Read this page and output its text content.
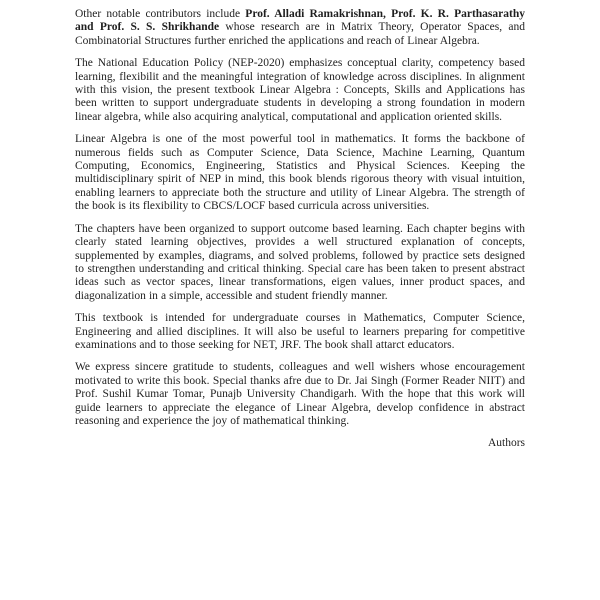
Other notable contributors include Prof. Alladi Ramakrishnan, Prof. K. R. Parthasarathy and Prof. S. S. Shrikhande whose research are in Matrix Theory, Operator Spaces, and Combinatorial Structures further enriched the applications and reach of Linear Algebra.

The National Education Policy (NEP-2020) emphasizes conceptual clarity, competency based learning, flexibilit and the meaningful integration of knowledge across disciplines. In alignment with this vision, the present textbook Linear Algebra : Concepts, Skills and Applications has been written to support undergraduate students in developing a strong foundation in modern linear algebra, while also acquiring analytical, computational and application oriented skills.

Linear Algebra is one of the most powerful tool in mathematics. It forms the backbone of numerous fields such as Computer Science, Data Science, Machine Learning, Quantum Computing, Economics, Engineering, Statistics and Physical Sciences. Keeping the multidisciplinary spirit of NEP in mind, this book blends rigorous theory with visual intuition, enabling learners to appreciate both the structure and utility of Linear Algebra. The strength of the book is its flexibility to CBCS/LOCF based curricula across universities.

The chapters have been organized to support outcome based learning. Each chapter begins with clearly stated learning objectives, provides a well structured explanation of concepts, supplemented by examples, diagrams, and solved problems, followed by practice sets designed to strengthen understanding and critical thinking. Special care has been taken to present abstract ideas such as vector spaces, linear transformations, eigen values, inner product spaces, and diagonalization in a simple, accessible and student friendly manner.

This textbook is intended for undergraduate courses in Mathematics, Computer Science, Engineering and allied disciplines. It will also be useful to learners preparing for competitive examinations and to those seeking for NET, JRF. The book shall attarct educators.

We express sincere gratitude to students, colleagues and well wishers whose encouragement motivated to write this book. Special thanks afre due to Dr. Jai Singh (Former Reader NIIT) and Prof. Sushil Kumar Tomar, Punajb University Chandigarh. With the hope that this work will guide learners to appreciate the elegance of Linear Algebra, develop confidence in abstract reasoning and experience the joy of mathematical thinking.

Authors
